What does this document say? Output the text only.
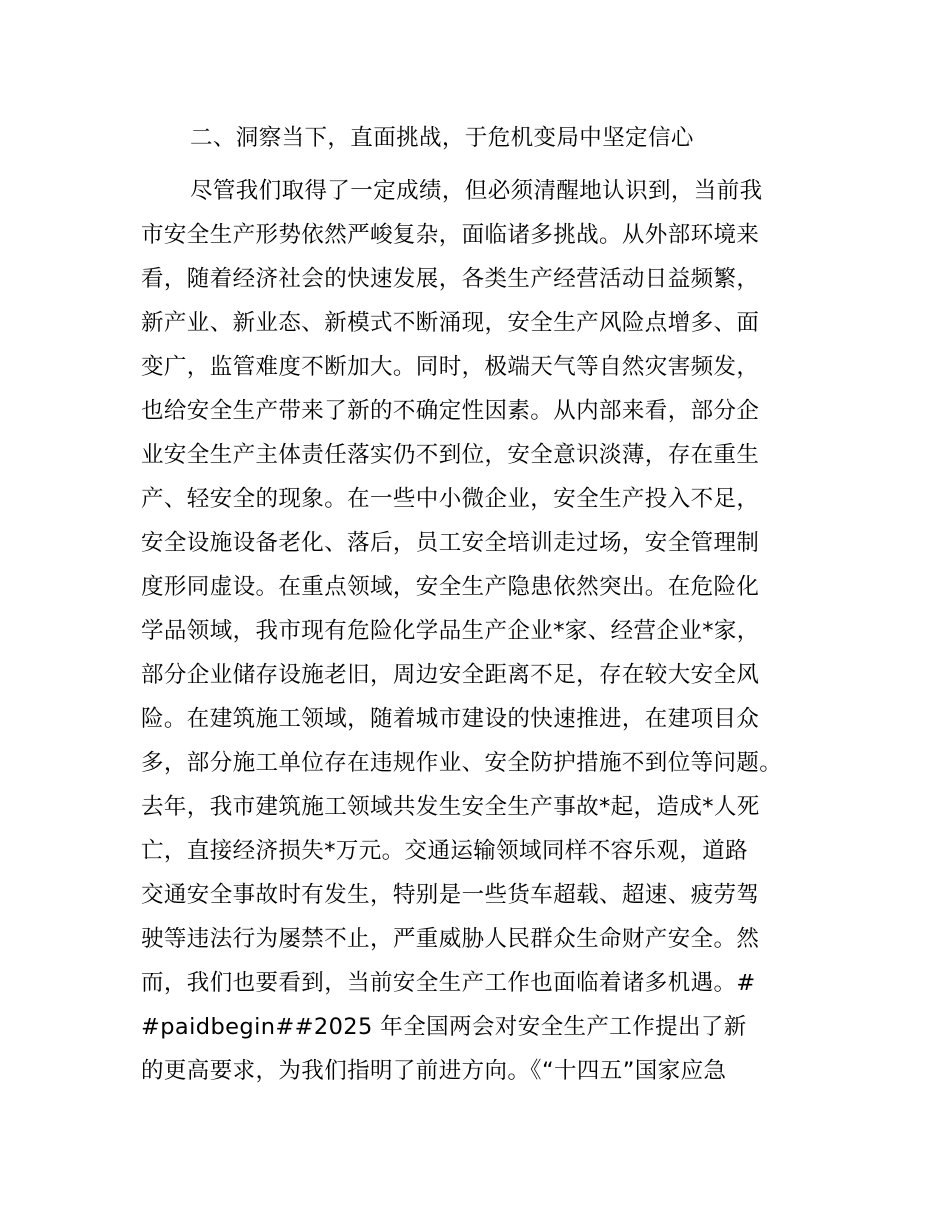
二、洞察当下，直面挑战，于危机变局中坚定信心
尽管我们取得了一定成绩，但必须清醒地认识到，当前我
市安全生产形势依然严峻复杂，面临诸多挑战。从外部环境来
看，随着经济社会的快速发展，各类生产经营活动日益频繁，
新产业、新业态、新模式不断涌现，安全生产风险点增多、面
变广，监管难度不断加大。同时，极端天气等自然灾害频发，
也给安全生产带来了新的不确定性因素。从内部来看，部分企
业安全生产主体责任落实仍不到位，安全意识淡薄，存在重生
产、轻安全的现象。在一些中小微企业，安全生产投入不足，
安全设施设备老化、落后，员工安全培训走过场，安全管理制
度形同虚设。在重点领域，安全生产隐患依然突出。在危险化
学品领域，我市现有危险化学品生产企业*家、经营企业*家，
部分企业储存设施老旧，周边安全距离不足，存在较大安全风
险。在建筑施工领域，随着城市建设的快速推进，在建项目众
多，部分施工单位存在违规作业、安全防护措施不到位等问题。
去年，我市建筑施工领域共发生安全生产事故*起，造成*人死
亡，直接经济损失*万元。交通运输领域同样不容乐观，道路
交通安全事故时有发生，特别是一些货车超载、超速、疲劳驾
驶等违法行为屡禁不止，严重威胁人民群众生命财产安全。然
而，我们也要看到，当前安全生产工作也面临着诸多机遇。#
#paidbegin##2025 年全国两会对安全生产工作提出了新
的更高要求，为我们指明了前进方向。《“十四五”国家应急
